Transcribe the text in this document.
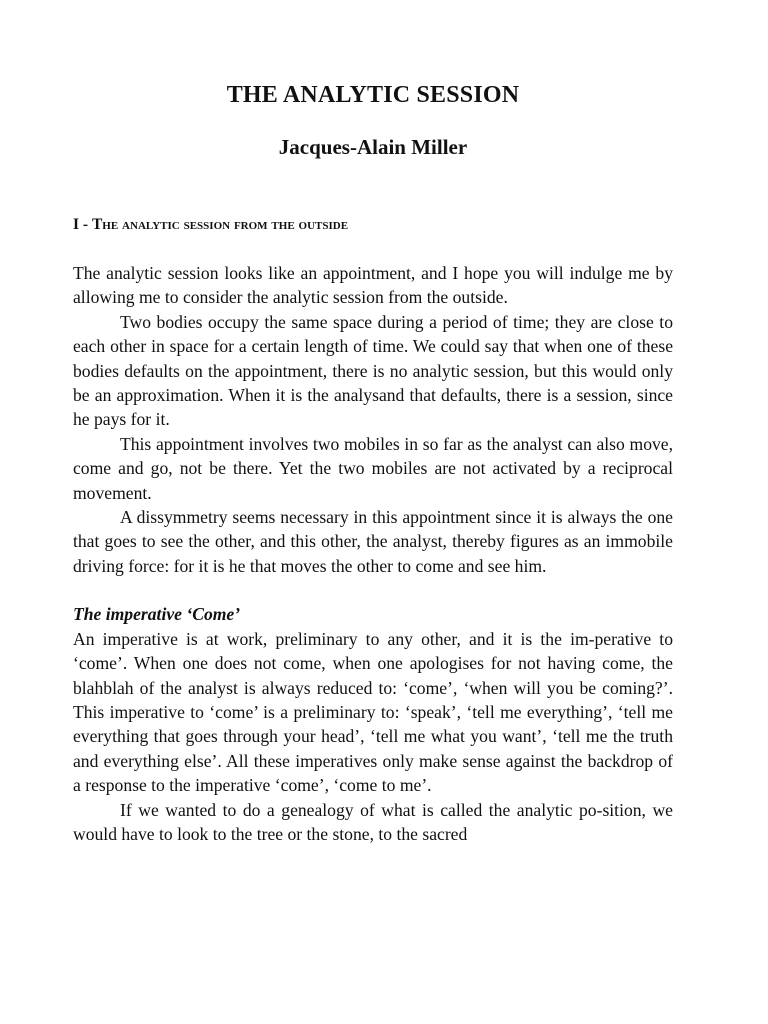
THE ANALYTIC SESSION
Jacques-Alain Miller
I - The analytic session from the outside

The analytic session looks like an appointment, and I hope you will indulge me by allowing me to consider the analytic session from the outside.

Two bodies occupy the same space during a period of time; they are close to each other in space for a certain length of time. We could say that when one of these bodies defaults on the appointment, there is no analytic session, but this would only be an approximation. When it is the analysand that defaults, there is a session, since he pays for it.

This appointment involves two mobiles in so far as the analyst can also move, come and go, not be there. Yet the two mobiles are not activated by a reciprocal movement.

A dissymmetry seems necessary in this appointment since it is always the one that goes to see the other, and this other, the analyst, thereby figures as an immobile driving force: for it is he that moves the other to come and see him.

The imperative ‘Come’

An imperative is at work, preliminary to any other, and it is the im-perative to ‘come’. When one does not come, when one apologises for not having come, the blahblah of the analyst is always reduced to: ‘come’, ‘when will you be coming?’. This imperative to ‘come’ is a preliminary to: ‘speak’, ‘tell me everything’, ‘tell me everything that goes through your head’, ‘tell me what you want’, ‘tell me the truth and everything else’. All these imperatives only make sense against the backdrop of a response to the imperative ‘come’, ‘come to me’.

If we wanted to do a genealogy of what is called the analytic po-sition, we would have to look to the tree or the stone, to the sacred
